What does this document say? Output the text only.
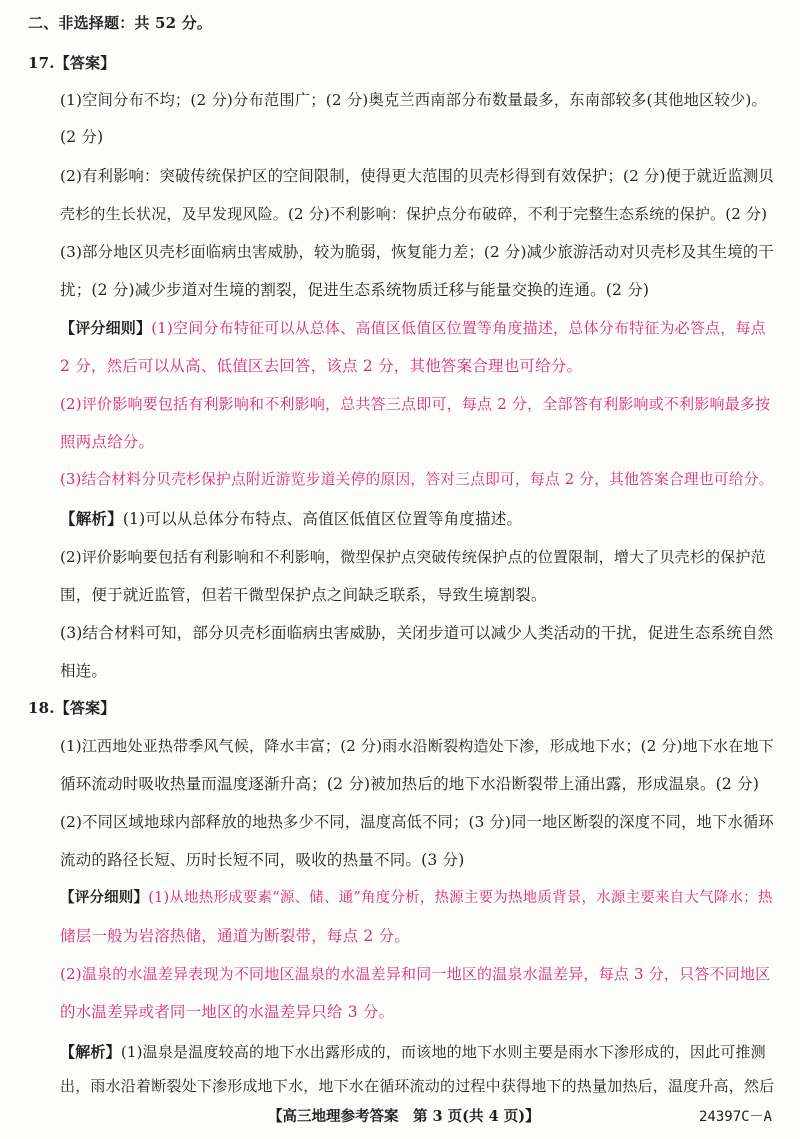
二、非选择题：共 52 分。

17.【答案】

(1)空间分布不均；(2 分)分布范围广；(2 分)奥克兰西南部分布数量最多，东南部较多(其他地区较少)。

(2 分)

(2)有利影响：突破传统保护区的空间限制，使得更大范围的贝壳杉得到有效保护；(2 分)便于就近监测贝

壳杉的生长状况，及早发现风险。(2 分)不利影响：保护点分布破碎，不利于完整生态系统的保护。(2 分)

(3)部分地区贝壳杉面临病虫害威胁，较为脆弱，恢复能力差；(2 分)减少旅游活动对贝壳杉及其生境的干

扰；(2 分)减少步道对生境的割裂，促进生态系统物质迁移与能量交换的连通。(2 分)

【评分细则】(1)空间分布特征可以从总体、高值区低值区位置等角度描述，总体分布特征为必答点，每点

2 分，然后可以从高、低值区去回答，该点 2 分，其他答案合理也可给分。

(2)评价影响要包括有利影响和不利影响，总共答三点即可，每点 2 分，全部答有利影响或不利影响最多按

照两点给分。

(3)结合材料分贝壳杉保护点附近游览步道关停的原因，答对三点即可，每点 2 分，其他答案合理也可给分。

【解析】(1)可以从总体分布特点、高值区低值区位置等角度描述。

(2)评价影响要包括有利影响和不利影响，微型保护点突破传统保护点的位置限制，增大了贝壳杉的保护范

围，便于就近监管，但若干微型保护点之间缺乏联系，导致生境割裂。

(3)结合材料可知，部分贝壳杉面临病虫害威胁，关闭步道可以减少人类活动的干扰，促进生态系统自然

相连。

18.【答案】

(1)江西地处亚热带季风气候，降水丰富；(2 分)雨水沿断裂构造处下渗，形成地下水；(2 分)地下水在地下

循环流动时吸收热量而温度逐渐升高；(2 分)被加热后的地下水沿断裂带上涌出露，形成温泉。(2 分)

(2)不同区域地球内部释放的地热多少不同，温度高低不同；(3 分)同一地区断裂的深度不同，地下水循环

流动的路径长短、历时长短不同，吸收的热量不同。(3 分)

【评分细则】(1)从地热形成要素“源、储、通”角度分析，热源主要为热地质背景，水源主要来自大气降水；热

储层一般为岩溶热储，通道为断裂带，每点 2 分。

(2)温泉的水温差异表现为不同地区温泉的水温差异和同一地区的温泉水温差异，每点 3 分，只答不同地区

的水温差异或者同一地区的水温差异只给 3 分。

【解析】(1)温泉是温度较高的地下水出露形成的，而该地的地下水则主要是雨水下渗形成的，因此可推测

出，雨水沿着断裂处下渗形成地下水，地下水在循环流动的过程中获得地下的热量加热后，温度升高，然后

【高三地理参考答案　第 3 页(共 4 页)】	24397C－A
